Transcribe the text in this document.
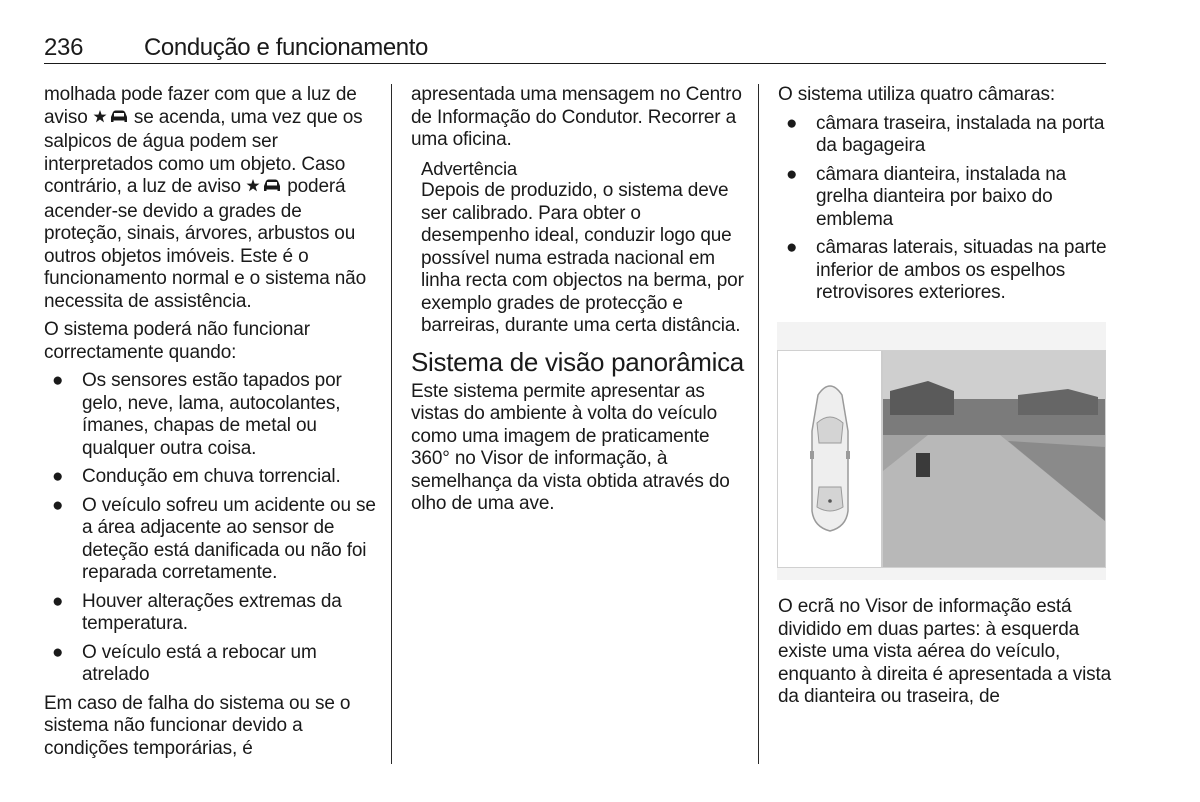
236	Condução e funcionamento

molhada pode fazer com que a luz de aviso se acenda, uma vez que os salpicos de água podem ser interpretados como um objeto. Caso contrário, a luz de aviso poderá acender-se devido a grades de proteção, sinais, árvores, arbustos ou outros objetos imóveis. Este é o funcionamento normal e o sistema não necessita de assistência.

O sistema poderá não funcionar correctamente quando:

● Os sensores estão tapados por gelo, neve, lama, autocolantes, ímanes, chapas de metal ou qualquer outra coisa.
● Condução em chuva torrencial.
● O veículo sofreu um acidente ou se a área adjacente ao sensor de deteção está danificada ou não foi reparada corretamente.
● Houver alterações extremas da temperatura.
● O veículo está a rebocar um atrelado

Em caso de falha do sistema ou se o sistema não funcionar devido a condições temporárias, é

apresentada uma mensagem no Centro de Informação do Condutor. Recorrer a uma oficina.

Advertência

Depois de produzido, o sistema deve ser calibrado. Para obter o desempenho ideal, conduzir logo que possível numa estrada nacional em linha recta com objectos na berma, por exemplo grades de protecção e barreiras, durante uma certa distância.

Sistema de visão panorâmica

Este sistema permite apresentar as vistas do ambiente à volta do veículo como uma imagem de praticamente 360° no Visor de informação, à semelhança da vista obtida através do olho de uma ave.

O sistema utiliza quatro câmaras:

● câmara traseira, instalada na porta da bagageira
● câmara dianteira, instalada na grelha dianteira por baixo do emblema
● câmaras laterais, situadas na parte inferior de ambos os espelhos retrovisores exteriores.

O ecrã no Visor de informação está dividido em duas partes: à esquerda existe uma vista aérea do veículo, enquanto à direita é apresentada a vista da dianteira ou traseira, de
